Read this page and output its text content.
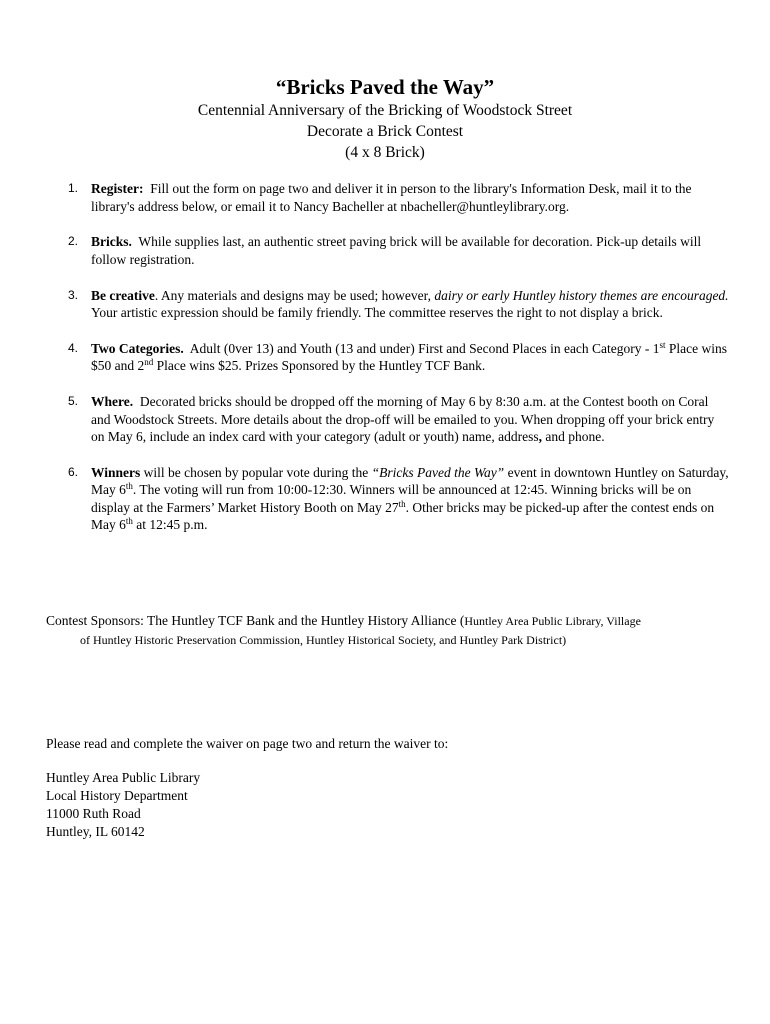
“Bricks Paved the Way”
Centennial Anniversary of the Bricking of Woodstock Street
Decorate a Brick Contest
(4 x 8 Brick)
1. Register: Fill out the form on page two and deliver it in person to the library's Information Desk, mail it to the library's address below, or email it to Nancy Bacheller at nbacheller@huntleylibrary.org.
2. Bricks. While supplies last, an authentic street paving brick will be available for decoration. Pick-up details will follow registration.
3. Be creative. Any materials and designs may be used; however, dairy or early Huntley history themes are encouraged. Your artistic expression should be family friendly. The committee reserves the right to not display a brick.
4. Two Categories. Adult (0ver 13) and Youth (13 and under) First and Second Places in each Category - 1st Place wins $50 and 2nd Place wins $25. Prizes Sponsored by the Huntley TCF Bank.
5. Where. Decorated bricks should be dropped off the morning of May 6 by 8:30 a.m. at the Contest booth on Coral and Woodstock Streets. More details about the drop-off will be emailed to you. When dropping off your brick entry on May 6, include an index card with your category (adult or youth) name, address, and phone.
6. Winners will be chosen by popular vote during the “Bricks Paved the Way” event in downtown Huntley on Saturday, May 6th. The voting will run from 10:00-12:30. Winners will be announced at 12:45. Winning bricks will be on display at the Farmers’ Market History Booth on May 27th. Other bricks may be picked-up after the contest ends on May 6th at 12:45 p.m.
Contest Sponsors: The Huntley TCF Bank and the Huntley History Alliance (Huntley Area Public Library, Village
of Huntley Historic Preservation Commission, Huntley Historical Society, and Huntley Park District)
Please read and complete the waiver on page two and return the waiver to:
Huntley Area Public Library
Local History Department
11000 Ruth Road
Huntley, IL 60142
